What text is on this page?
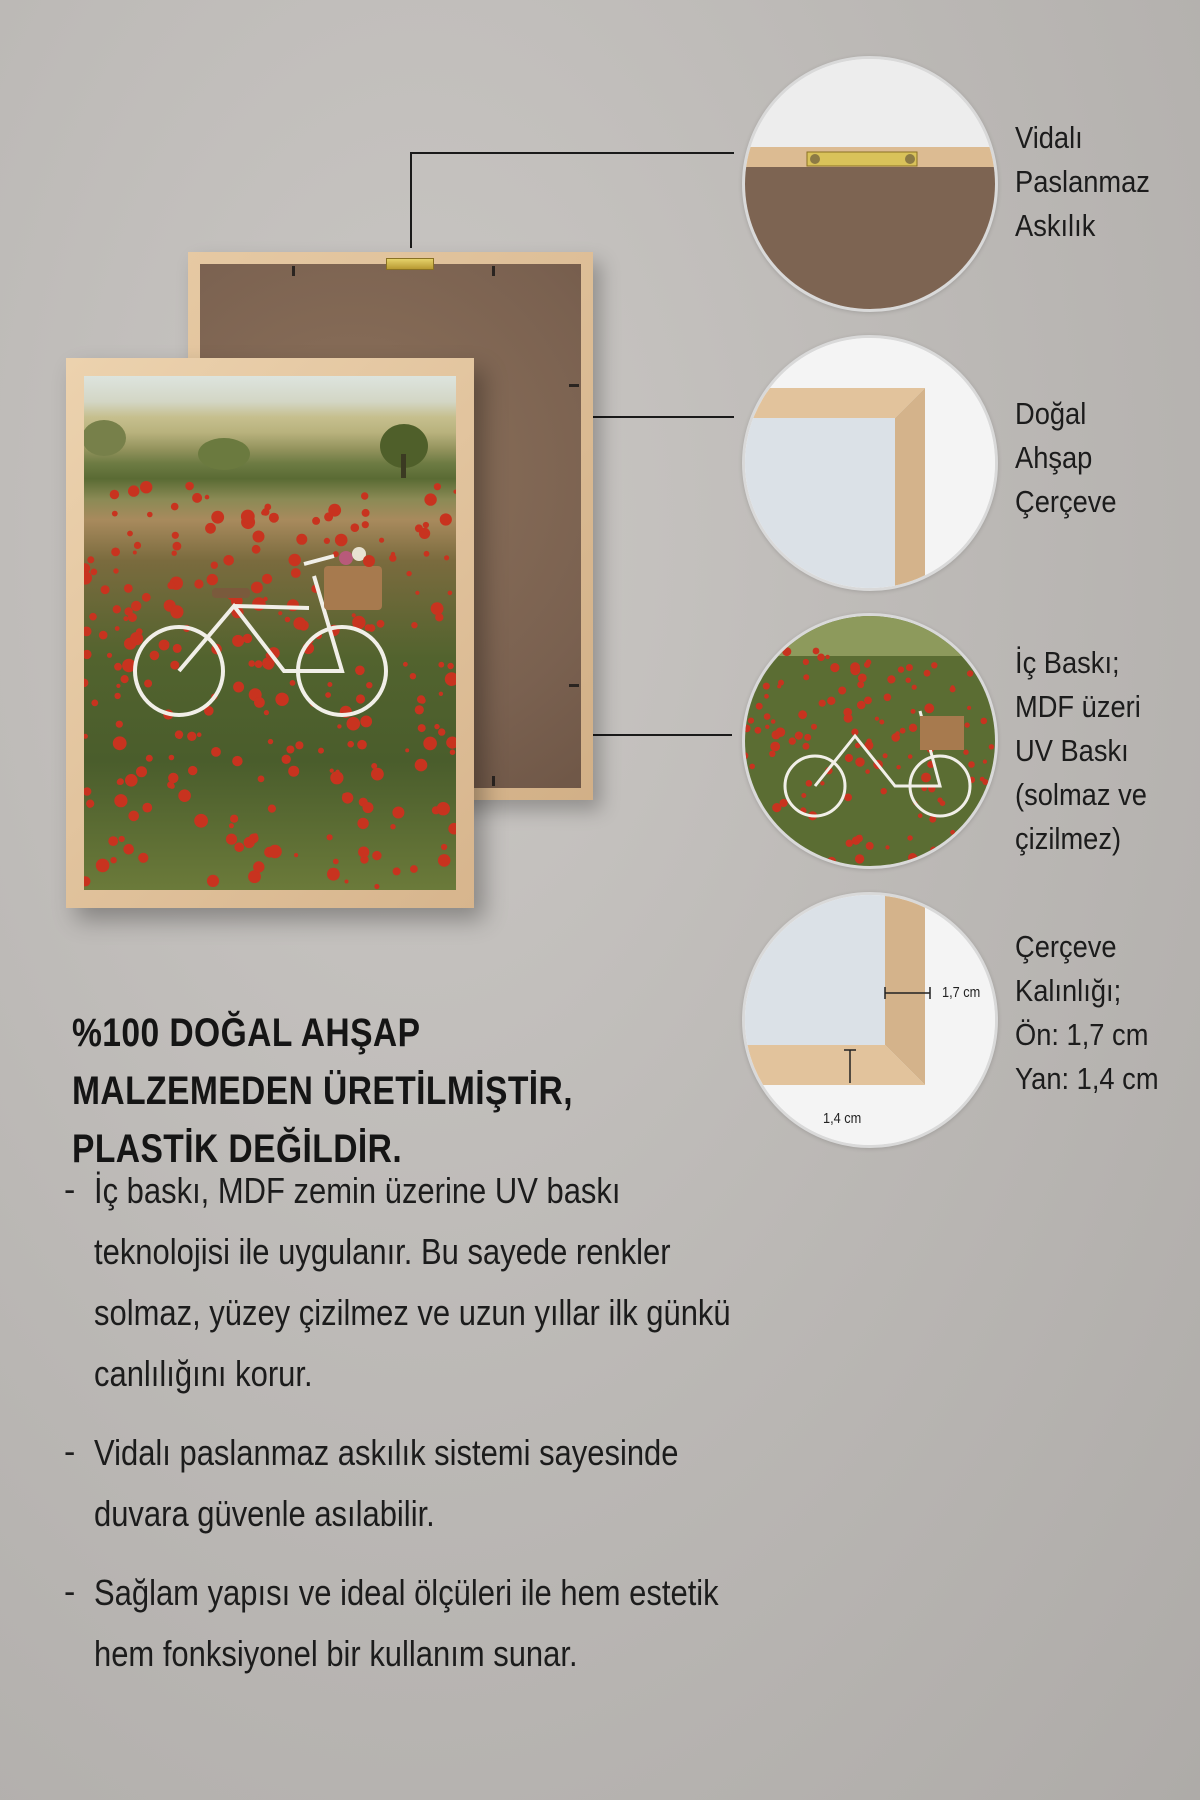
1,7 cm
1,4 cm
Vidalı
Paslanmaz
Askılık
Doğal
Ahşap
Çerçeve
İç Baskı;
MDF üzeri
UV Baskı
(solmaz ve
çizilmez)
Çerçeve
Kalınlığı;
Ön: 1,7 cm
Yan: 1,4 cm
%100 DOĞAL AHŞAP MALZEMEDEN ÜRETİLMİŞTİR, PLASTİK DEĞİLDİR.
- İç baskı, MDF zemin üzerine UV baskı teknolojisi ile uygulanır. Bu sayede renkler solmaz, yüzey çizilmez ve uzun yıllar ilk günkü canlılığını korur.
- Vidalı paslanmaz askılık sistemi sayesinde duvara güvenle asılabilir.
- Sağlam yapısı ve ideal ölçüleri ile hem estetik hem fonksiyonel bir kullanım sunar.
